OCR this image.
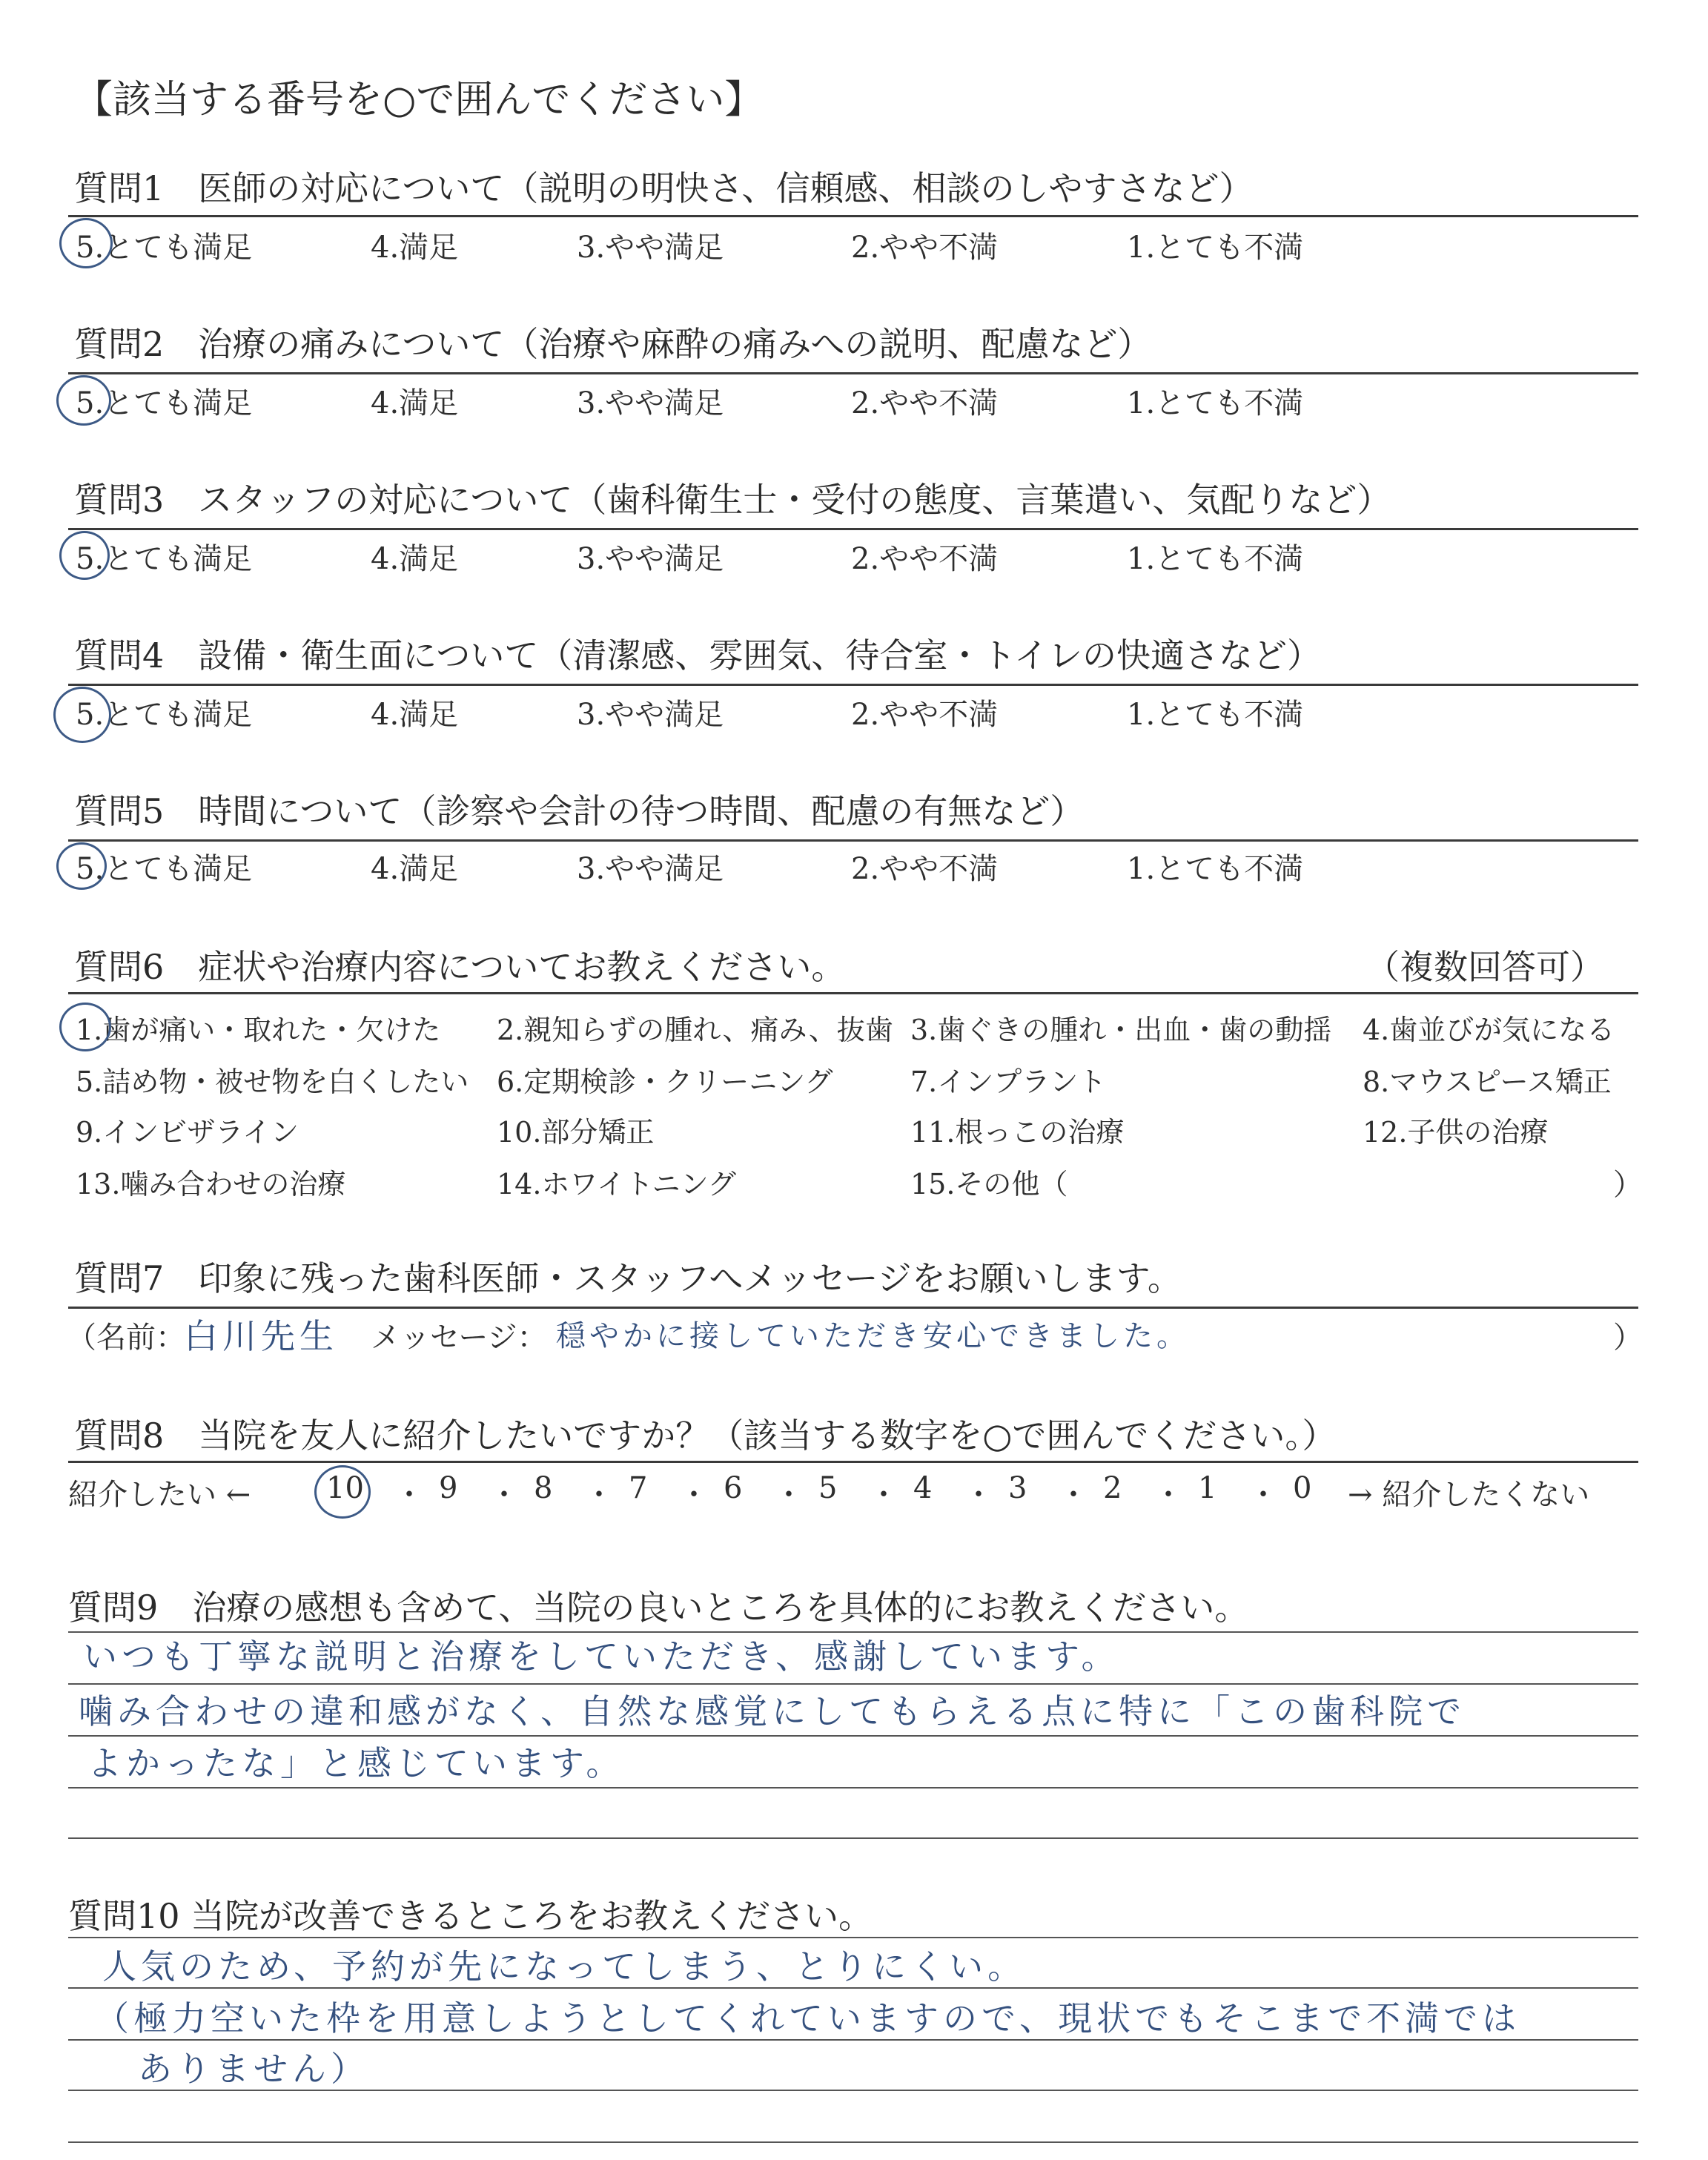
【該当する番号を○で囲んでください】
質問1　医師の対応について（説明の明快さ、信頼感、相談のしやすさなど）
5.とても満足	4.満足	3.やや満足	2.やや不満	1.とても不満
質問2　治療の痛みについて（治療や麻酔の痛みへの説明、配慮など）
5.とても満足	4.満足	3.やや満足	2.やや不満	1.とても不満
質問3　スタッフの対応について（歯科衛生士・受付の態度、言葉遣い、気配りなど）
5.とても満足	4.満足	3.やや満足	2.やや不満	1.とても不満
質問4　設備・衛生面について（清潔感、雰囲気、待合室・トイレの快適さなど）
5.とても満足	4.満足	3.やや満足	2.やや不満	1.とても不満
質問5　時間について（診察や会計の待つ時間、配慮の有無など）
5.とても満足	4.満足	3.やや満足	2.やや不満	1.とても不満
質問6　症状や治療内容についてお教えください。	（複数回答可）
1.歯が痛い・取れた・欠けた 2.親知らずの腫れ、痛み、抜歯 3.歯ぐきの腫れ・出血・歯の動揺 4.歯並びが気になる
5.詰め物・被せ物を白くしたい 6.定期検診・クリーニング	7.インプラント	8.マウスピース矯正
9.インビザライン	10.部分矯正	11.根っこの治療	12.子供の治療
13.噛み合わせの治療	14.ホワイトニング	15.その他（	）
質問7　印象に残った歯科医師・スタッフへメッセージをお願いします。
（名前：
白川先生 メッセージ： 穏やかに接していただき安心できました。	）
質問8　当院を友人に紹介したいですか？（該当する数字を○で囲んでください。）
紹介したい ←	10 ・ 9 ・ 8 ・ 7 ・ 6 ・ 5 ・ 4 ・ 3 ・ 2 ・ 1 ・ 0 → 紹介したくない
質問9　治療の感想も含めて、当院の良いところを具体的にお教えください。
いつも丁寧な説明と治療をしていただき、感謝しています。
噛み合わせの違和感がなく、自然な感覚にしてもらえる点に特に「この歯科院で
よかったな」と感じています。
質問10 当院が改善できるところをお教えください。
人気のため、予約が先になってしまう、とりにくい。
（極力空いた枠を用意しようとしてくれていますので、現状でもそこまで不満では
ありません）
